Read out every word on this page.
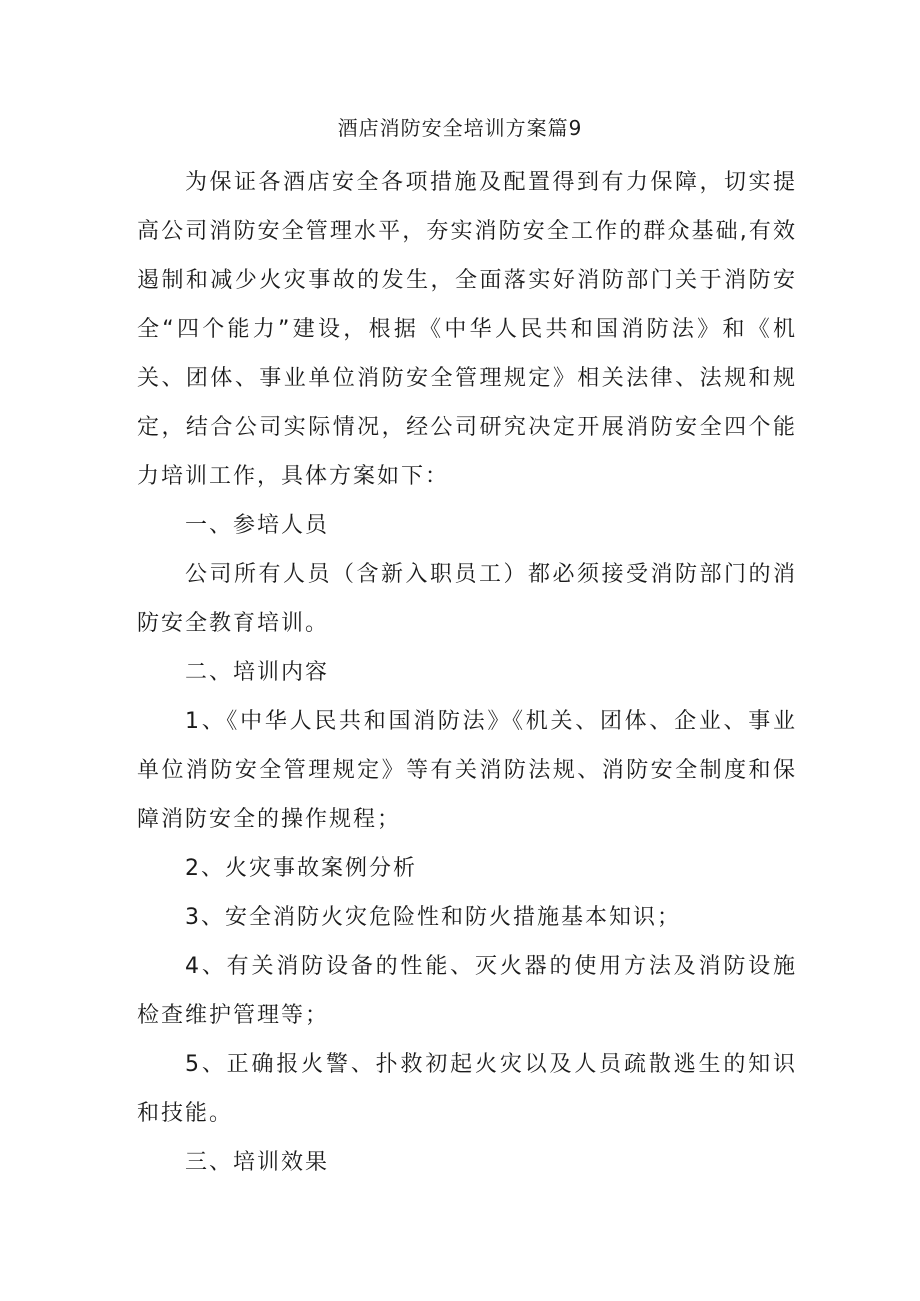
酒店消防安全培训方案篇9

为保证各酒店安全各项措施及配置得到有力保障，切实提高公司消防安全管理水平，夯实消防安全工作的群众基础,有效遏制和减少火灾事故的发生，全面落实好消防部门关于消防安全“四个能力”建设，根据《中华人民共和国消防法》和《机关、团体、事业单位消防安全管理规定》相关法律、法规和规定，结合公司实际情况，经公司研究决定开展消防安全四个能力培训工作，具体方案如下：

一、参培人员

公司所有人员（含新入职员工）都必须接受消防部门的消防安全教育培训。

二、培训内容

1、《中华人民共和国消防法》《机关、团体、企业、事业单位消防安全管理规定》等有关消防法规、消防安全制度和保障消防安全的操作规程；

2、火灾事故案例分析

3、安全消防火灾危险性和防火措施基本知识；

4、有关消防设备的性能、灭火器的使用方法及消防设施检查维护管理等；

5、正确报火警、扑救初起火灾以及人员疏散逃生的知识和技能。

三、培训效果
